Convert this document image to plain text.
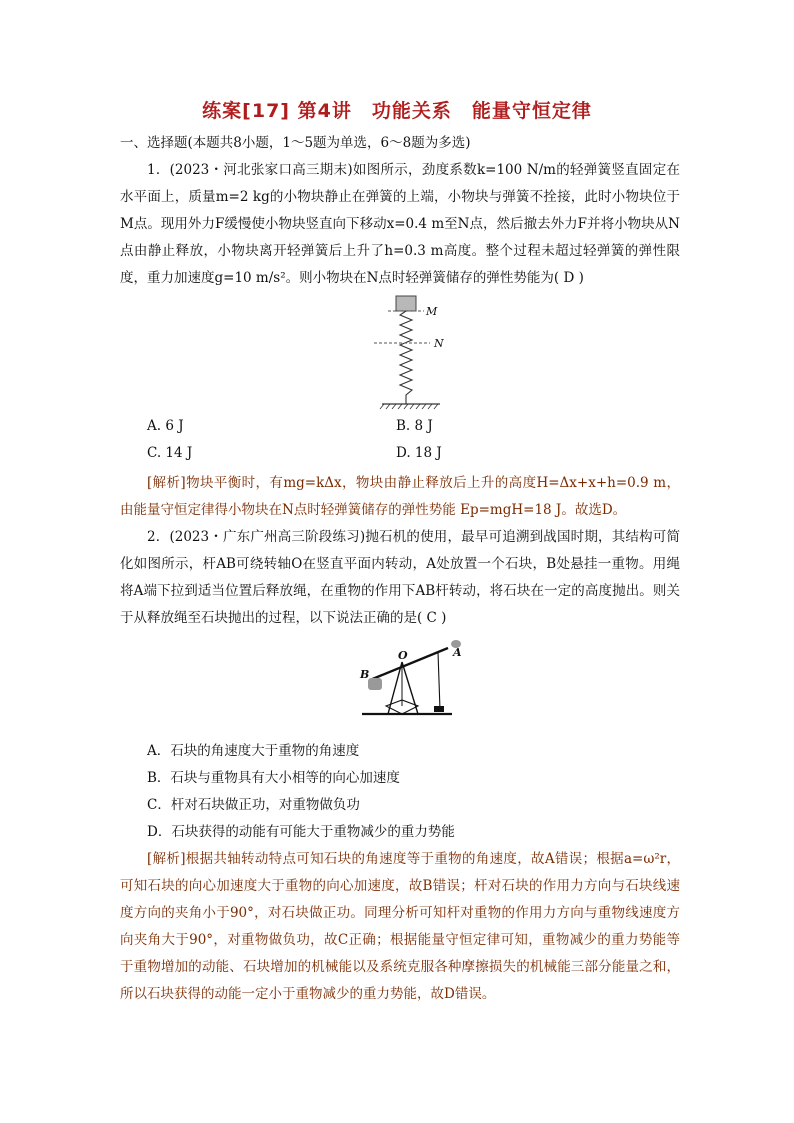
练案[17] 第4讲　功能关系　能量守恒定律
一、选择题(本题共8小题，1～5题为单选，6～8题为多选)
1．(2023・河北张家口高三期末)如图所示，劲度系数k=100 N/m的轻弹簧竖直固定在水平面上，质量m=2 kg的小物块静止在弹簧的上端，小物块与弹簧不拴接，此时小物块位于M点。现用外力F缓慢使小物块竖直向下移动x=0.4 m至N点，然后撤去外力F并将小物块从N点由静止释放，小物块离开轻弹簧后上升了h=0.3 m高度。整个过程未超过轻弹簧的弹性限度，重力加速度g=10 m/s²。则小物块在N点时轻弹簧储存的弹性势能为( D )
M
N
A. 6 J	B. 8 J
C. 14 J	D. 18 J
[解析]物块平衡时，有mg=kΔx，物块由静止释放后上升的高度H=Δx+x+h=0.9 m，由能量守恒定律得小物块在N点时轻弹簧储存的弹性势能 Ep=mgH=18 J。故选D。
2．(2023・广东广州高三阶段练习)抛石机的使用，最早可追溯到战国时期，其结构可简化如图所示，杆AB可绕转轴O在竖直平面内转动，A处放置一个石块，B处悬挂一重物。用绳将A端下拉到适当位置后释放绳，在重物的作用下AB杆转动，将石块在一定的高度抛出。则关于从释放绳至石块抛出的过程，以下说法正确的是( C )
O	A
B
A．石块的角速度大于重物的角速度
B．石块与重物具有大小相等的向心加速度
C．杆对石块做正功，对重物做负功
D．石块获得的动能有可能大于重物减少的重力势能
[解析]根据共轴转动特点可知石块的角速度等于重物的角速度，故A错误；根据a=ω²r，可知石块的向心加速度大于重物的向心加速度，故B错误；杆对石块的作用力方向与石块线速度方向的夹角小于90°，对石块做正功。同理分析可知杆对重物的作用力方向与重物线速度方向夹角大于90°，对重物做负功，故C正确；根据能量守恒定律可知，重物减少的重力势能等于重物增加的动能、石块增加的机械能以及系统克服各种摩擦损失的机械能三部分能量之和，所以石块获得的动能一定小于重物减少的重力势能，故D错误。
